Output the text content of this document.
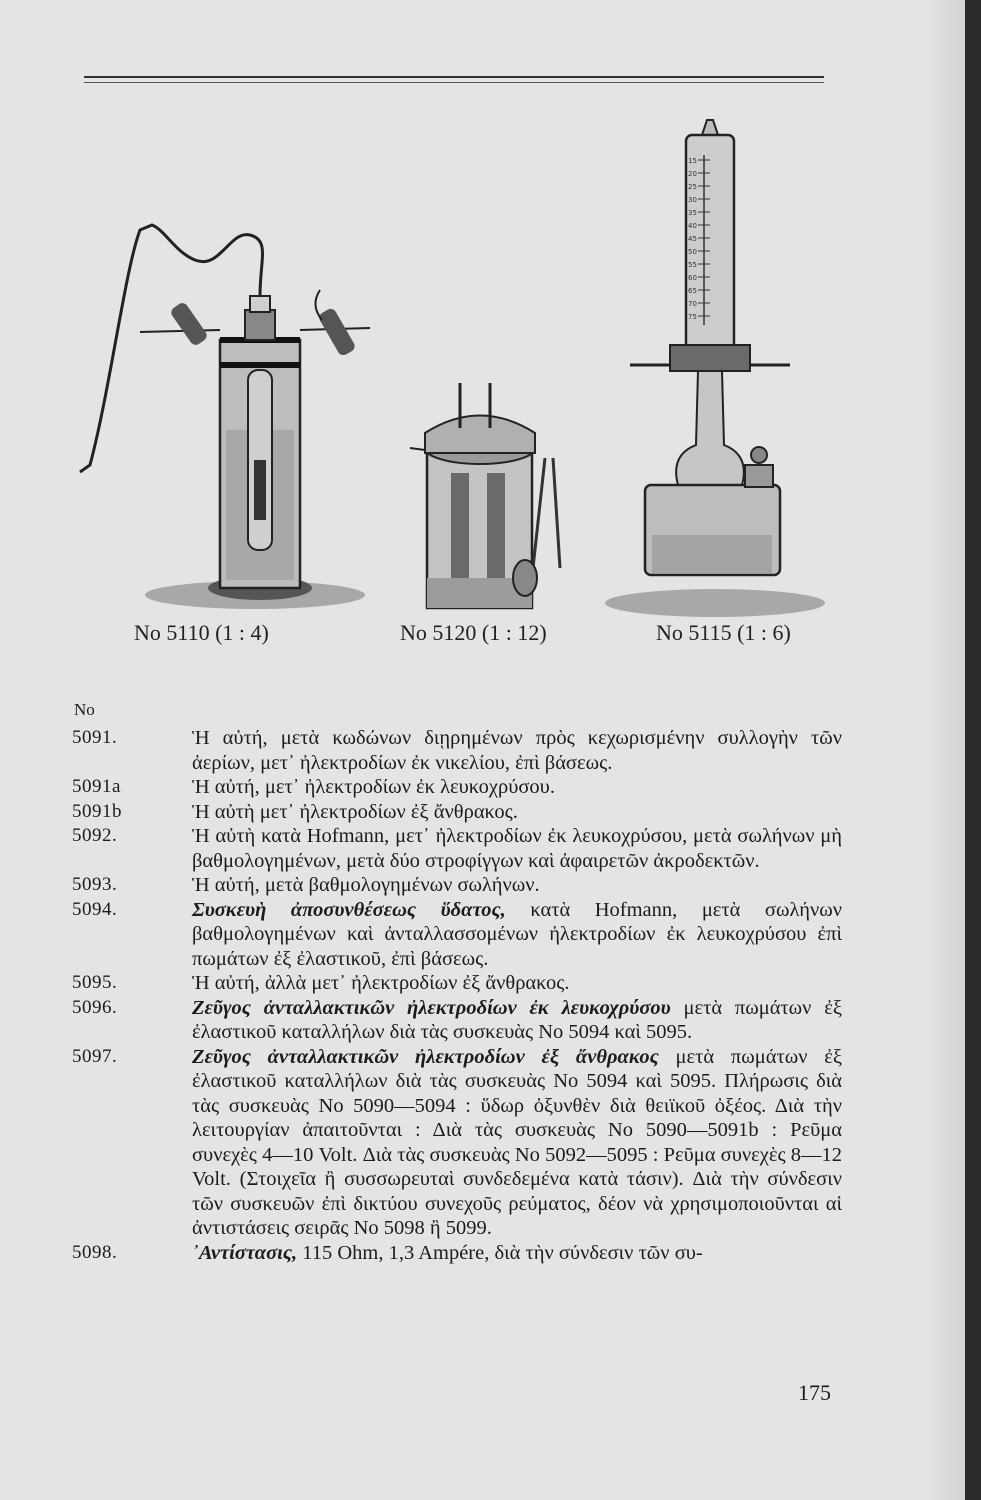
No 5110 (1 : 4)	No 5120 (1 : 12)
15
20
25
30
35
40
45
50
55
60
65
70
75
No 5115 (1 : 6)
No
5091.	Ἡ αὐτή, μετὰ κωδώνων διῃρημένων πρὸς κεχωρισμένην συλλογὴν τῶν ἀερίων, μετ᾽ ἠλεκτροδίων ἐκ νικελίου, ἐπὶ βάσεως.
5091a	Ἡ αὐτή, μετ᾽ ἠλεκτροδίων ἐκ λευκοχρύσου.
5091b	Ἡ αὐτὴ μετ᾽ ἠλεκτροδίων ἐξ ἄνθρακος.
5092.	Ἡ αὐτὴ κατὰ Hofmann, μετ᾽ ἠλεκτροδίων ἐκ λευκοχρύσου, μετὰ σωλήνων μὴ βαθμολογημένων, μετὰ δύο στροφίγγων καὶ ἀφαιρετῶν ἀκροδεκτῶν.
5093.	Ἡ αὐτή, μετὰ βαθμολογημένων σωλήνων.
5094.	Συσκευὴ ἀποσυνθέσεως ὕδατος, κατὰ Hofmann, μετὰ σωλήνων βαθμολογημένων καὶ ἀνταλλασσομένων ἠλεκτροδίων ἐκ λευκοχρύσου ἐπὶ πωμάτων ἐξ ἐλαστικοῦ, ἐπὶ βάσεως.
5095.	Ἡ αὐτή, ἀλλὰ μετ᾽ ἠλεκτροδίων ἐξ ἄνθρακος.
5096.	Ζεῦγος ἀνταλλακτικῶν ἠλεκτροδίων ἐκ λευκοχρύσου μετὰ πωμάτων ἐξ ἐλαστικοῦ καταλλήλων διὰ τὰς συσκευὰς No 5094 καὶ 5095.
5097.	Ζεῦγος ἀνταλλακτικῶν ἠλεκτροδίων ἐξ ἄνθρακος μετὰ πωμάτων ἐξ ἐλαστικοῦ καταλλήλων διὰ τὰς συσκευὰς No 5094 καὶ 5095. Πλήρωσις διὰ τὰς συσκευὰς No 5090—5094 : ὕδωρ ὀξυνθὲν διὰ θειϊκοῦ ὀξέος. Διὰ τὴν λειτουργίαν ἀπαιτοῦνται : Διὰ τὰς συσκευὰς No 5090—5091b : Ρεῦμα συνεχὲς 4—10 Volt. Διὰ τὰς συσκευὰς No 5092—5095 : Ρεῦμα συνεχὲς 8—12 Volt. (Στοιχεῖα ἢ συσσωρευταὶ συνδεδεμένα κατὰ τάσιν). Διὰ τὴν σύνδεσιν τῶν συσκευῶν ἐπὶ δικτύου συνεχοῦς ρεύματος, δέον νὰ χρησιμοποιοῦνται αἱ ἀντιστάσεις σειρᾶς No 5098 ἢ 5099.
5098.	᾽Αντίστασις, 115 Ohm, 1,3 Ampére, διὰ τὴν σύνδεσιν τῶν συ-
175
